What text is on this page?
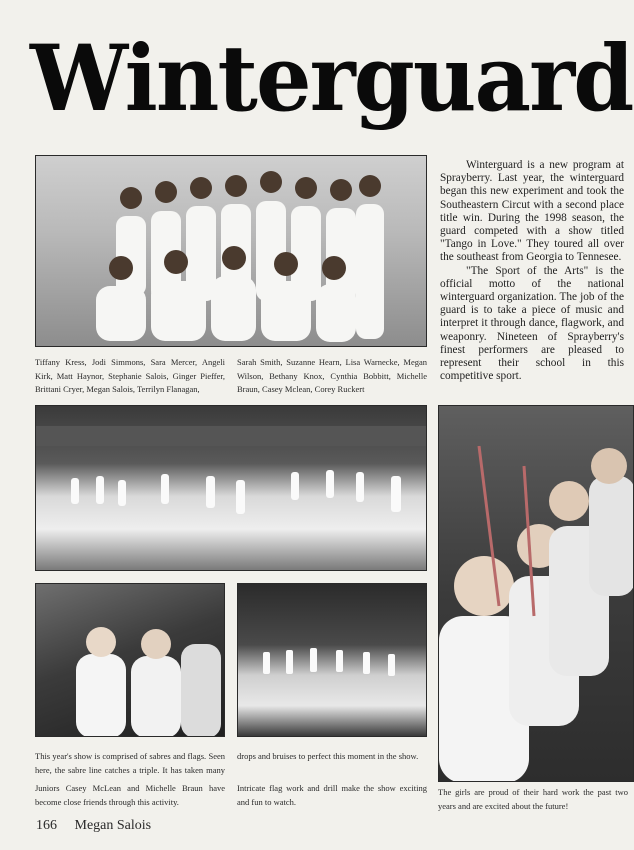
Winterguard
Tiffany Kress, Jodi Simmons, Sara Mercer, Angeli Kirk, Matt Haynor, Stephanie Salois, Ginger Pieffer, Brittani Cryer, Megan Salois, Terrilyn Flanagan,
Sarah Smith, Suzanne Hearn, Lisa Warnecke, Megan Wilson, Bethany Knox, Cynthia Bobbitt, Michelle Braun, Casey Mclean, Corey Ruckert

Winterguard is a new program at Sprayberry. Last year, the winterguard began this new experiment and took the Southeastern Circut with a second place title win. During the 1998 season, the guard competed with a show titled "Tango in Love." They toured all over the southeast from Georgia to Tennesee.

"The Sport of the Arts" is the official motto of the national winterguard organization. The job of the guard is to take a piece of music and interpret it through dance, flagwork, and weaponry. Nineteen of Sprayberry's finest performers are pleased to represent their school in this competitive sport.

This year's show is comprised of sabres and flags. Seen here, the sabre line catches a triple. It has taken many drops and bruises to perfect this moment in the show.
Juniors Casey McLean and Michelle Braun have become close friends through this activity.
Intricate flag work and drill make the show exciting and fun to watch.
The girls are proud of their hard work the past two years and are excited about the future!
166 Megan Salois
